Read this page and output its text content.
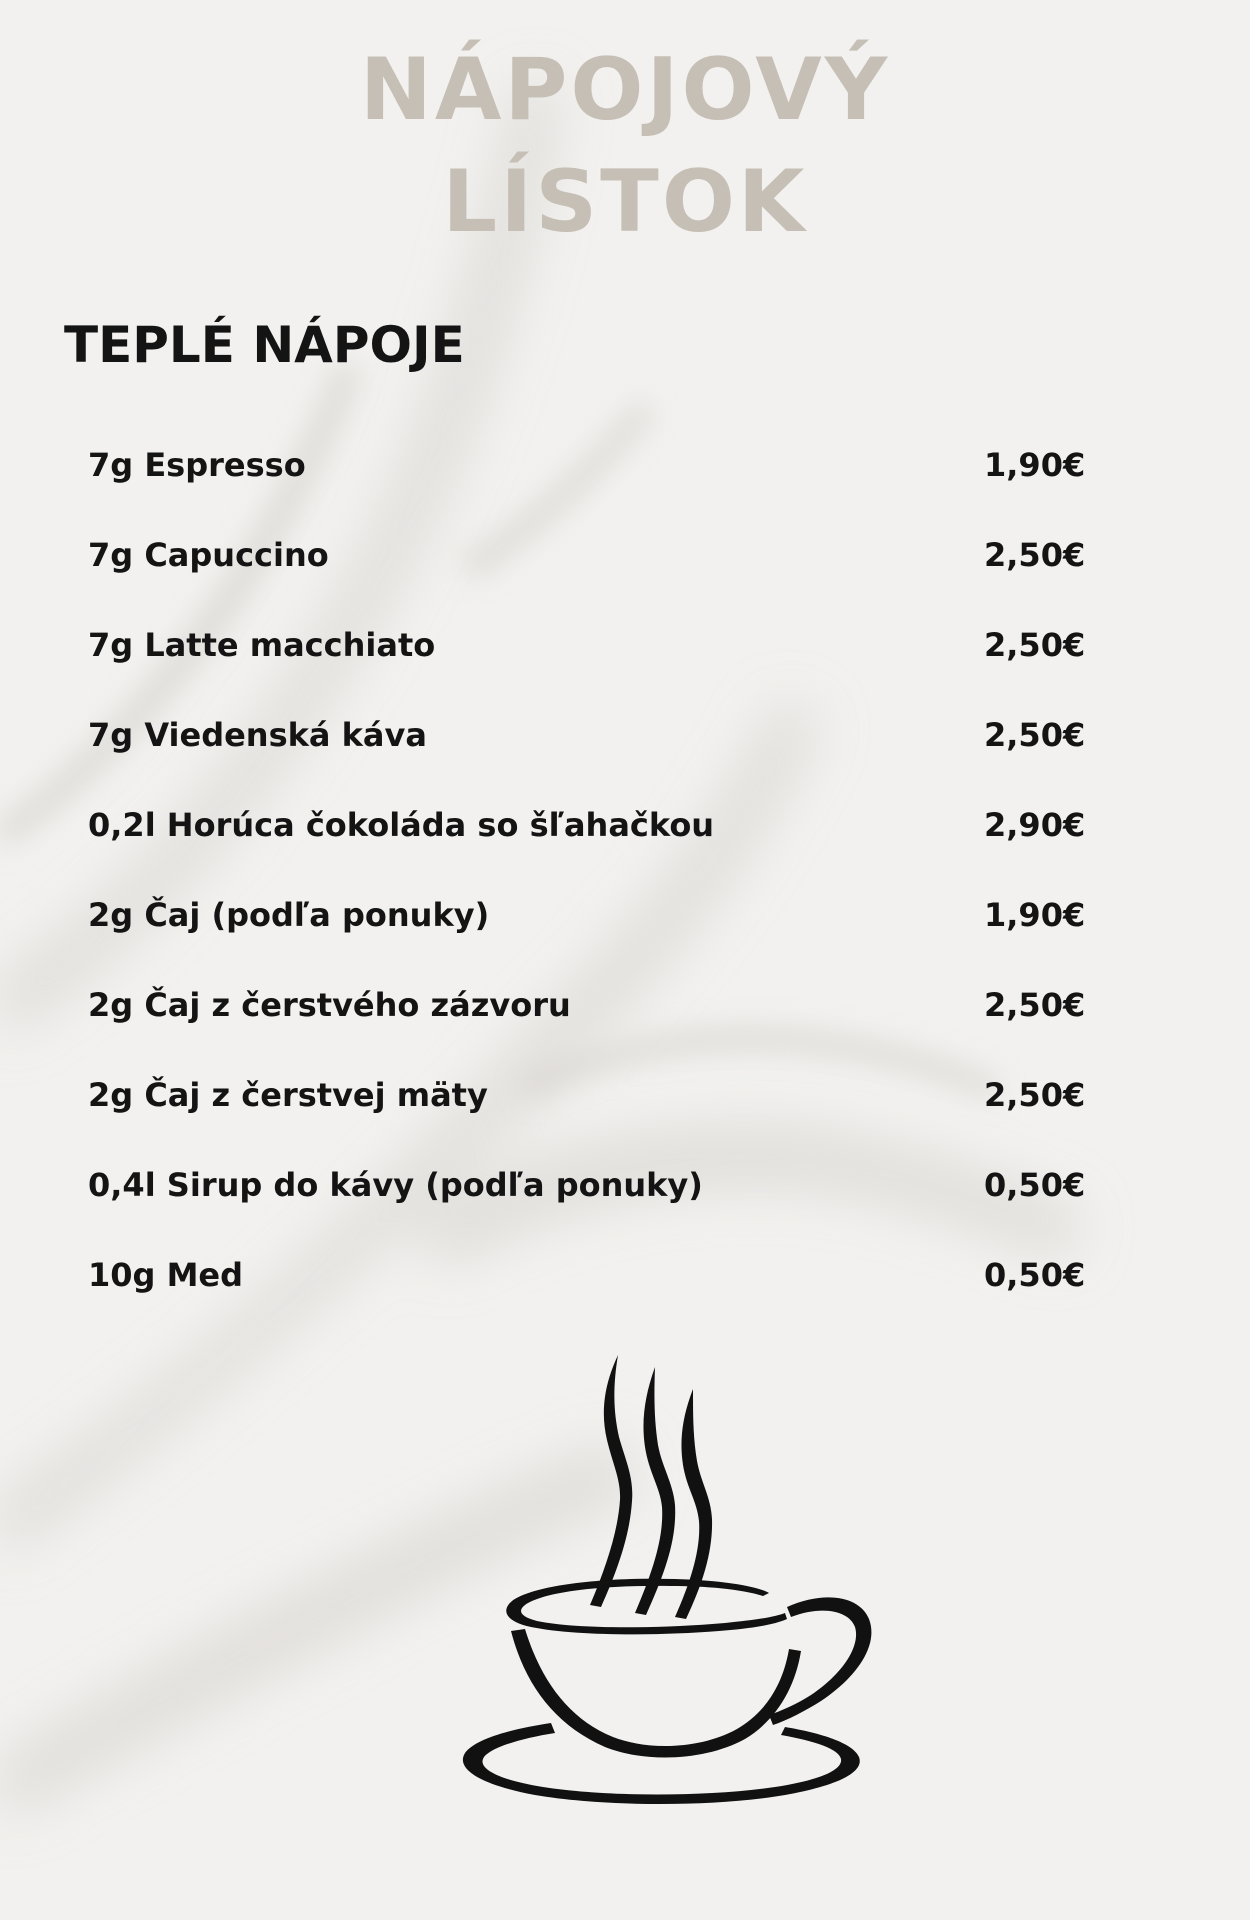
NÁPOJOVÝ
LÍSTOK
TEPLÉ NÁPOJE
7g Espresso	1,90€
7g Capuccino	2,50€
7g Latte macchiato	2,50€
7g Viedenská káva	2,50€
0,2l Horúca čokoláda so šľahačkou	2,90€
2g Čaj (podľa ponuky)	1,90€
2g Čaj z čerstvého zázvoru	2,50€
2g Čaj z čerstvej mäty	2,50€
0,4l Sirup do kávy (podľa ponuky)	0,50€
10g Med	0,50€
